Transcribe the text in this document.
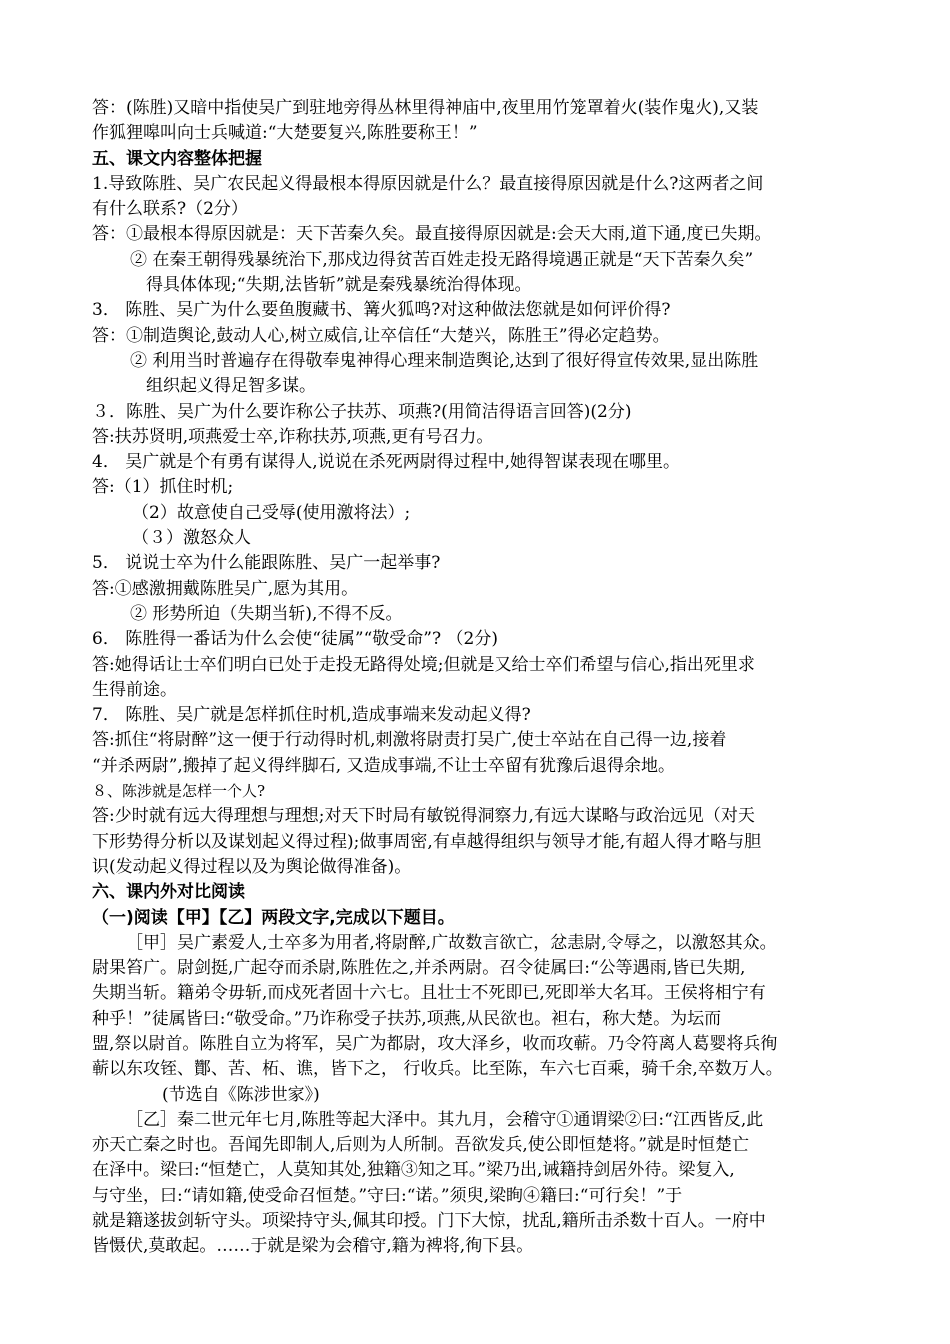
答：(陈胜)又暗中指使吴广到驻地旁得丛林里得神庙中,夜里用竹笼罩着火(装作鬼火),又装
作狐狸嗥叫向士兵喊道:“大楚要复兴,陈胜要称王！”
五、课文内容整体把握
1.导致陈胜、吴广农民起义得最根本得原因就是什么？最直接得原因就是什么?这两者之间
有什么联系?（2分）
答：①最根本得原因就是：天下苦秦久矣。最直接得原因就是:会天大雨,道下通,度已失期。
② 在秦王朝得残暴统治下,那戍边得贫苦百姓走投无路得境遇正就是“天下苦秦久矣”
得具体体现;“失期,法皆斩”就是秦残暴统治得体现。
3． 陈胜、吴广为什么要鱼腹藏书、篝火狐鸣?对这种做法您就是如何评价得?
答：①制造舆论,鼓动人心,树立威信,让卒信任“大楚兴，陈胜王”得必定趋势。
② 利用当时普遍存在得敬奉鬼神得心理来制造舆论,达到了很好得宣传效果,显出陈胜
组织起义得足智多谋。
３．陈胜、吴广为什么要诈称公子扶苏、项燕?(用简洁得语言回答)(2分)
答:扶苏贤明,项燕爱士卒,诈称扶苏,项燕,更有号召力。
4． 吴广就是个有勇有谋得人,说说在杀死两尉得过程中,她得智谋表现在哪里。
答:（1）抓住时机;
（2）故意使自己受辱(使用激将法）;
（３）激怒众人
5． 说说士卒为什么能跟陈胜、吴广一起举事?
答:①感激拥戴陈胜吴广,愿为其用。
② 形势所迫（失期当斩),不得不反。
6． 陈胜得一番话为什么会使“徒属”“敬受命”? （2分)
答:她得话让士卒们明白已处于走投无路得处境;但就是又给士卒们希望与信心,指出死里求
生得前途。
7． 陈胜、吴广就是怎样抓住时机,造成事端来发动起义得?
答:抓住“将尉醉”这一便于行动得时机,刺激将尉责打吴广,使士卒站在自己得一边,接着
“并杀两尉”,搬掉了起义得绊脚石, 又造成事端,不让士卒留有犹豫后退得余地。
８、陈涉就是怎样一个人?
答:少时就有远大得理想与理想;对天下时局有敏锐得洞察力,有远大谋略与政治远见（对天
下形势得分析以及谋划起义得过程);做事周密,有卓越得组织与领导才能,有超人得才略与胆
识(发动起义得过程以及为舆论做得准备)。
六、课内外对比阅读
（一)阅读【甲】【乙】两段文字,完成以下题目。
［甲］吴广素爱人,士卒多为用者,将尉醉,广故数言欲亡，忿恚尉,令辱之，以激怒其众。
尉果笞广。尉剑挺,广起夺而杀尉,陈胜佐之,并杀两尉。召令徒属曰:“公等遇雨,皆已失期,
失期当斩。籍弟令毋斩,而戍死者固十六七。且壮士不死即已,死即举大名耳。王侯将相宁有
种乎！”徒属皆曰:“敬受命。”乃诈称受子扶苏,项燕,从民欲也。袒右，称大楚。为坛而
盟,祭以尉首。陈胜自立为将军，吴广为都尉，攻大泽乡，收而攻蕲。乃令符离人葛婴将兵徇
蕲以东攻铚、酇、苦、柘、谯，皆下之， 行收兵。比至陈，车六七百乘，骑千余,卒数万人。
(节选自《陈涉世家》)
［乙］秦二世元年七月,陈胜等起大泽中。其九月，会稽守①通谓梁②曰:“江西皆反,此
亦天亡秦之时也。吾闻先即制人,后则为人所制。吾欲发兵,使公即恒楚将。”就是时恒楚亡
在泽中。梁曰:“恒楚亡，人莫知其处,独籍③知之耳。”梁乃出,诫籍持剑居外待。梁复入,
与守坐，曰:“请如籍,使受命召恒楚。”守曰:“诺。”须臾,梁眴④籍曰:“可行矣！”于
就是籍遂拔剑斩守头。项梁持守头,佩其印授。门下大惊，扰乱,籍所击杀数十百人。一府中
皆慑伏,莫敢起。……于就是梁为会稽守,籍为裨将,徇下县。
